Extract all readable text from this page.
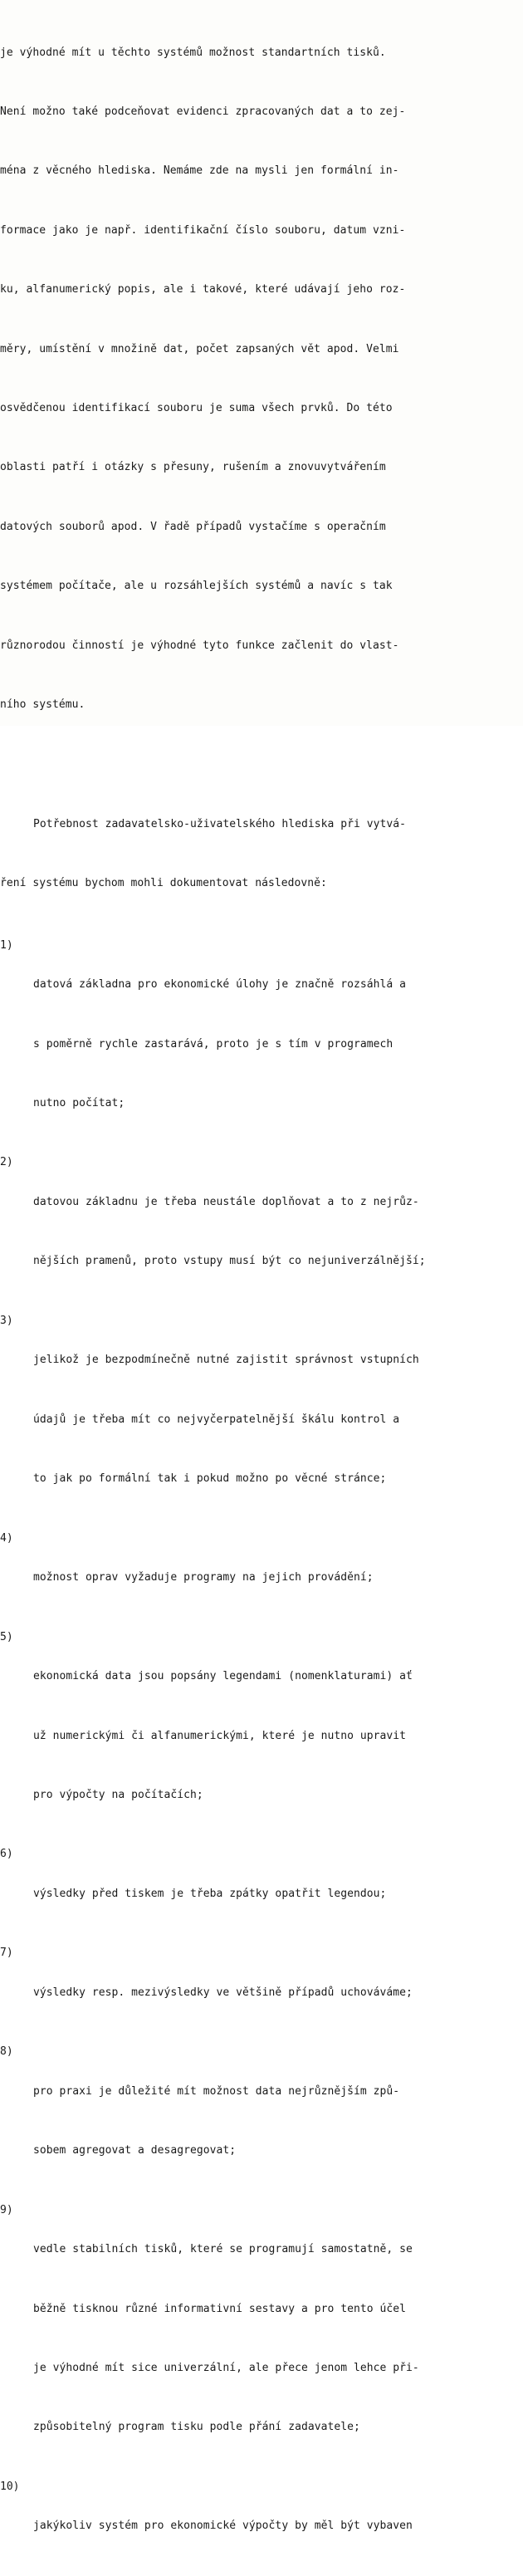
je výhodné mít u těchto systémů možnost standartních tisků.

Není možno také podceňovat evidenci zpracovaných dat a to zej-

ména z věcného hlediska. Nemáme zde na mysli jen formální in-

formace jako je např. identifikační číslo souboru, datum vzni-

ku, alfanumerický popis, ale i takové, které udávají jeho roz-

měry, umístění v množině dat, počet zapsaných vět apod. Velmi

osvědčenou identifikací souboru je suma všech prvků. Do této

oblasti patří i otázky s přesuny, rušením a znovuvytvářením

datových souborů apod. V řadě případů vystačíme s operačním

systémem počítače, ale u rozsáhlejších systémů a navíc s tak

různorodou činností je výhodné tyto funkce začlenit do vlast-

ního systému.

Potřebnost zadavatelsko-uživatelského hlediska při vytvá-

ření systému bychom mohli dokumentovat následovně:

1)

datová základna pro ekonomické úlohy je značně rozsáhlá a

s poměrně rychle zastarává, proto je s tím v programech

nutno počítat;

2)

datovou základnu je třeba neustále doplňovat a to z nejrůz-

nějších pramenů, proto vstupy musí být co nejuniverzálnější;

3)

jelikož je bezpodmínečně nutné zajistit správnost vstupních

údajů je třeba mít co nejvyčerpatelnější škálu kontrol a

to jak po formální tak i pokud možno po věcné stránce;

4)

možnost oprav vyžaduje programy na jejich provádění;

5)

ekonomická data jsou popsány legendami (nomenklaturami) ať

už numerickými či alfanumerickými, které je nutno upravit

pro výpočty na počítačích;

6)

výsledky před tiskem je třeba zpátky opatřit legendou;

7)

výsledky resp. mezivýsledky ve většině případů uchováváme;

8)

pro praxi je důležité mít možnost data nejrůznějším způ-

sobem agregovat a desagregovat;

9)

vedle stabilních tisků, které se programují samostatně, se

běžně tisknou různé informativní sestavy a pro tento účel

je výhodné mít sice univerzální, ale přece jenom lehce při-

způsobitelný program tisku podle přání zadavatele;

10)

jakýkoliv systém pro ekonomické výpočty by měl být vybaven
